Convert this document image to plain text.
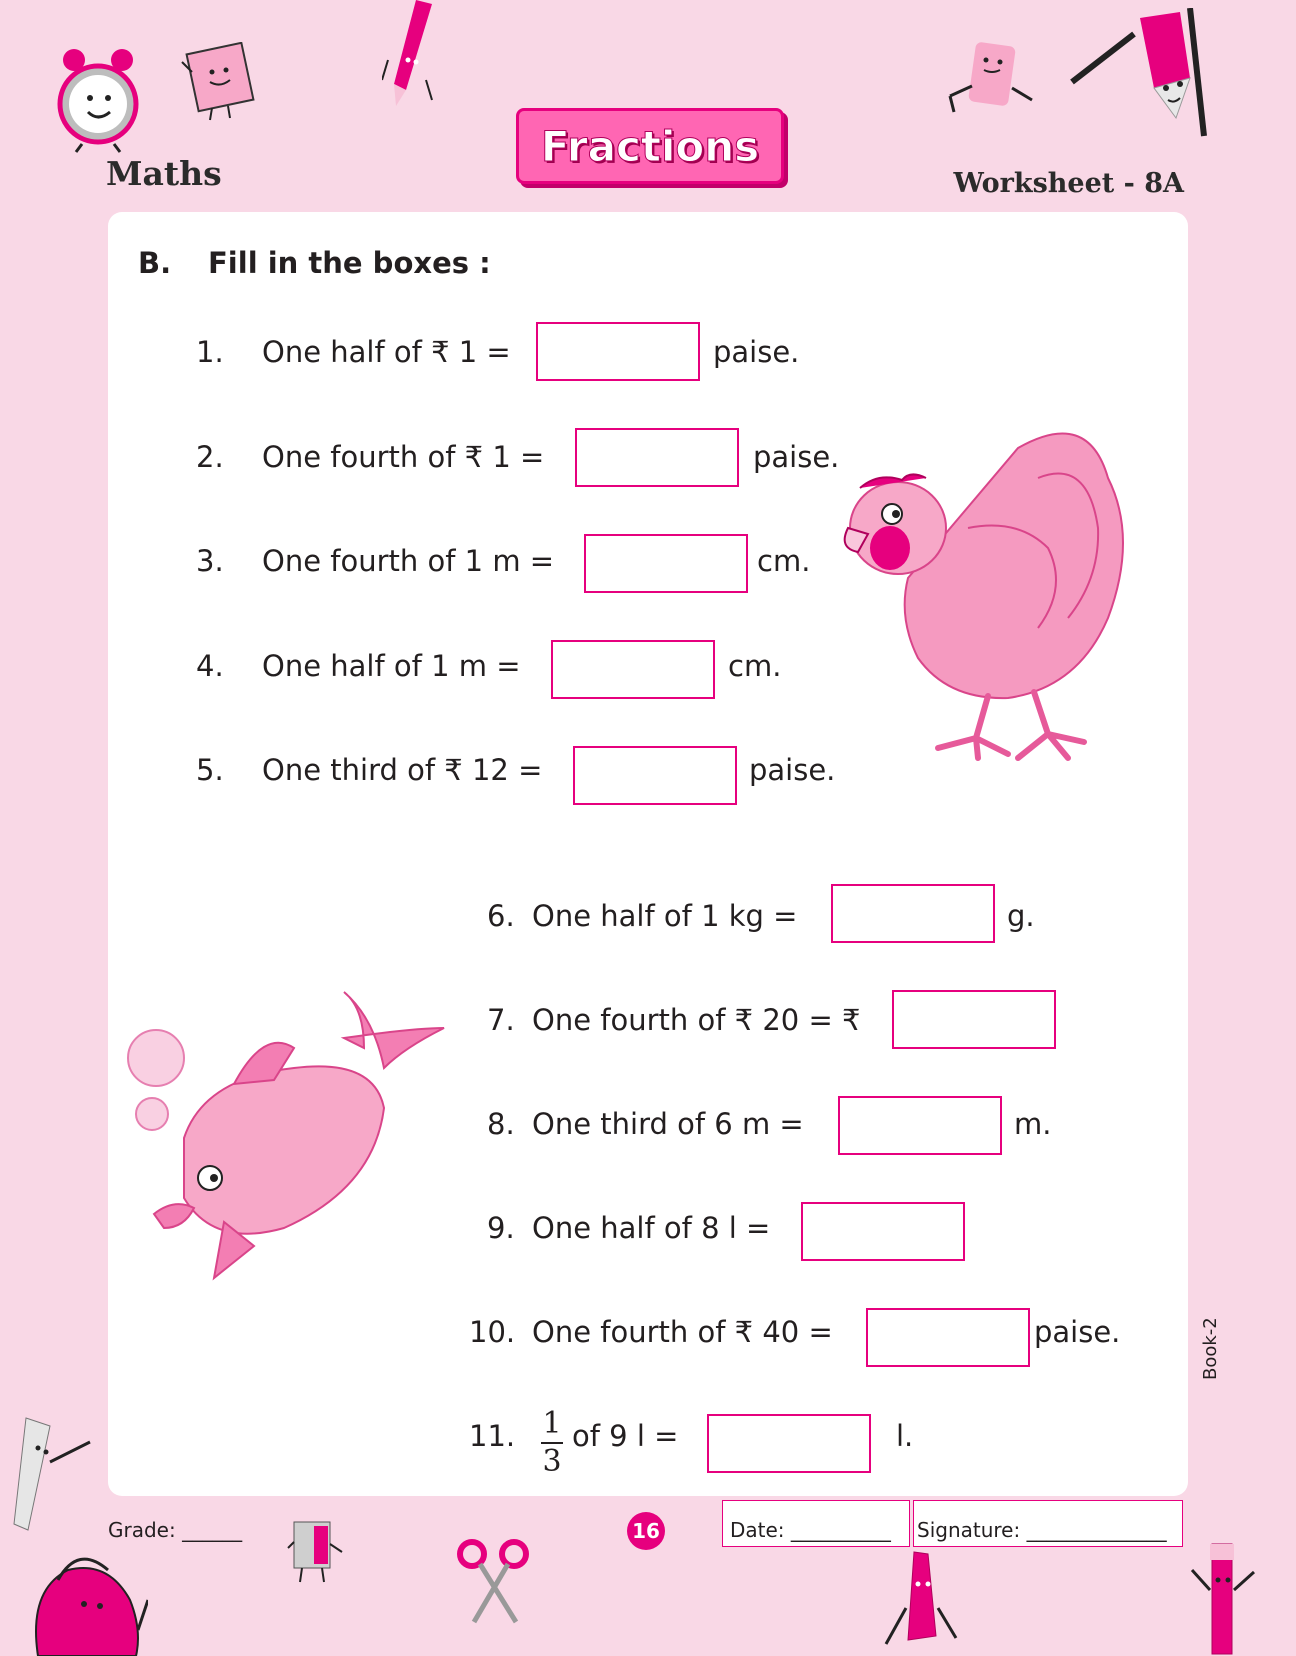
Maths
Fractions
Worksheet - 8A
B. Fill in the boxes :
1. One half of ₹ 1 =	paise.
2. One fourth of ₹ 1 =	paise.
3. One fourth of 1 m =	cm.
4. One half of 1 m =	cm.
5. One third of ₹ 12 =	paise.
6. One half of 1 kg =	g.
7. One fourth of ₹ 20 = ₹
8. One third of 6 m =	m.
9. One half of 8 l =
10. One fourth of ₹ 40 =	paise.
11. 1
3
of 9 l =	l.
Grade: ______	16	Date: __________ Signature: ______________
Book-2
